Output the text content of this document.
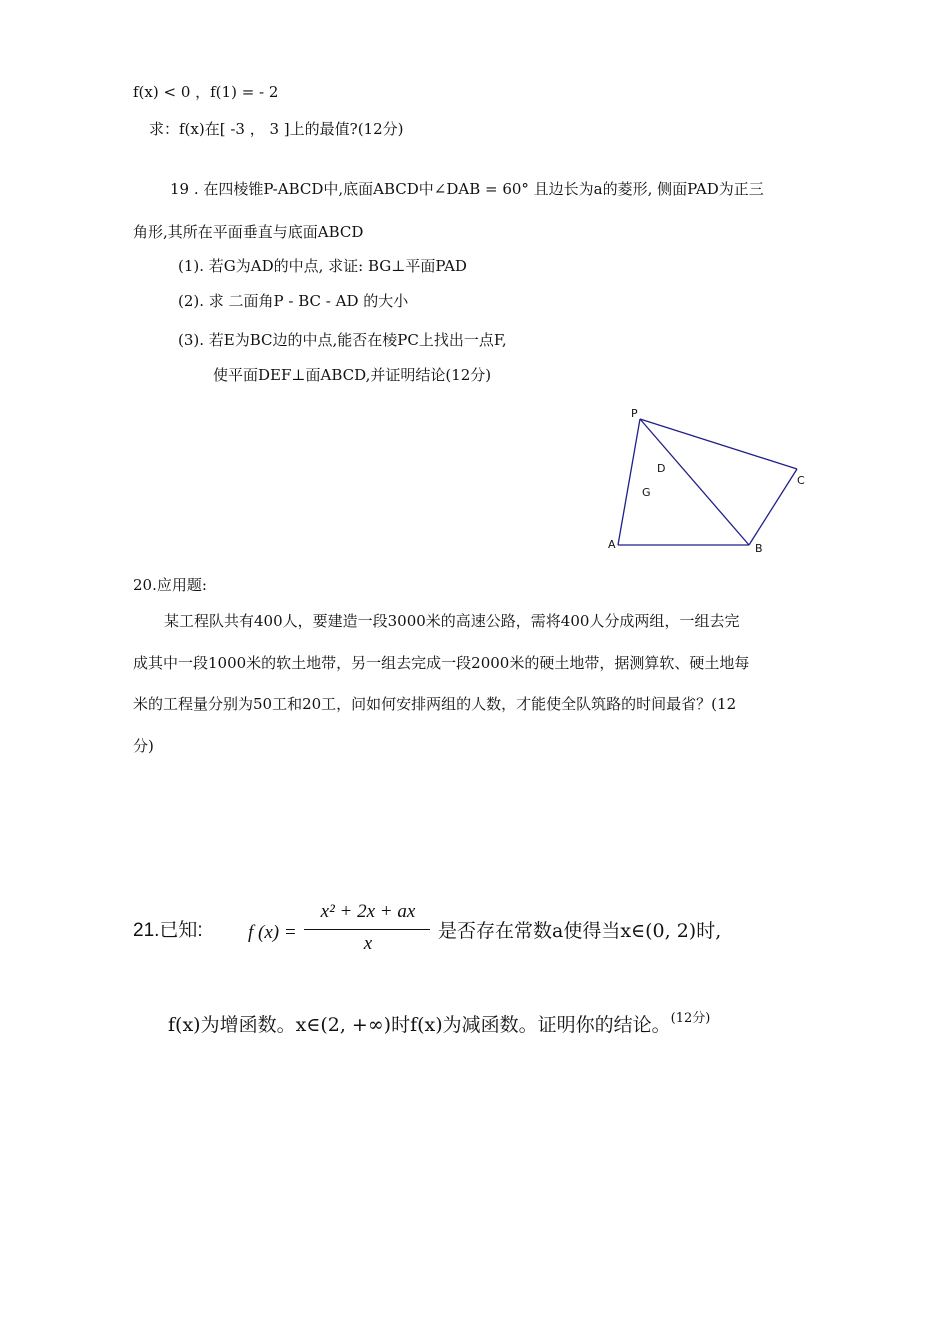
f(x) < 0 ，f(1) = - 2
求：f(x)在[ -3 ， 3 ]上的最值?(12分)
19 . 在四棱锥P-ABCD中,底面ABCD中∠DAB = 60° 且边长为a的菱形, 侧面PAD为正三
角形,其所在平面垂直与底面ABCD
(1). 若G为AD的中点, 求证: BG⊥平面PAD
(2). 求 二面角P - BC - AD 的大小
(3). 若E为BC边的中点,能否在棱PC上找出一点F,
使平面DEF⊥面ABCD,并证明结论(12分)
P
D
C
G
A	B
20.应用题:
某工程队共有400人，要建造一段3000米的高速公路，需将400人分成两组，一组去完
成其中一段1000米的软土地带，另一组去完成一段2000米的硬土地带，据测算软、硬土地每
米的工程量分别为50工和20工，问如何安排两组的人数，才能使全队筑路的时间最省？(12
分)
21.已知: f (x) =
x² + 2x + ax
x
是否存在常数a使得当x∈(0, 2)时,
f(x)为增函数。x∈(2, +∞)时f(x)为减函数。证明你的结论。$^{(12分)}$
